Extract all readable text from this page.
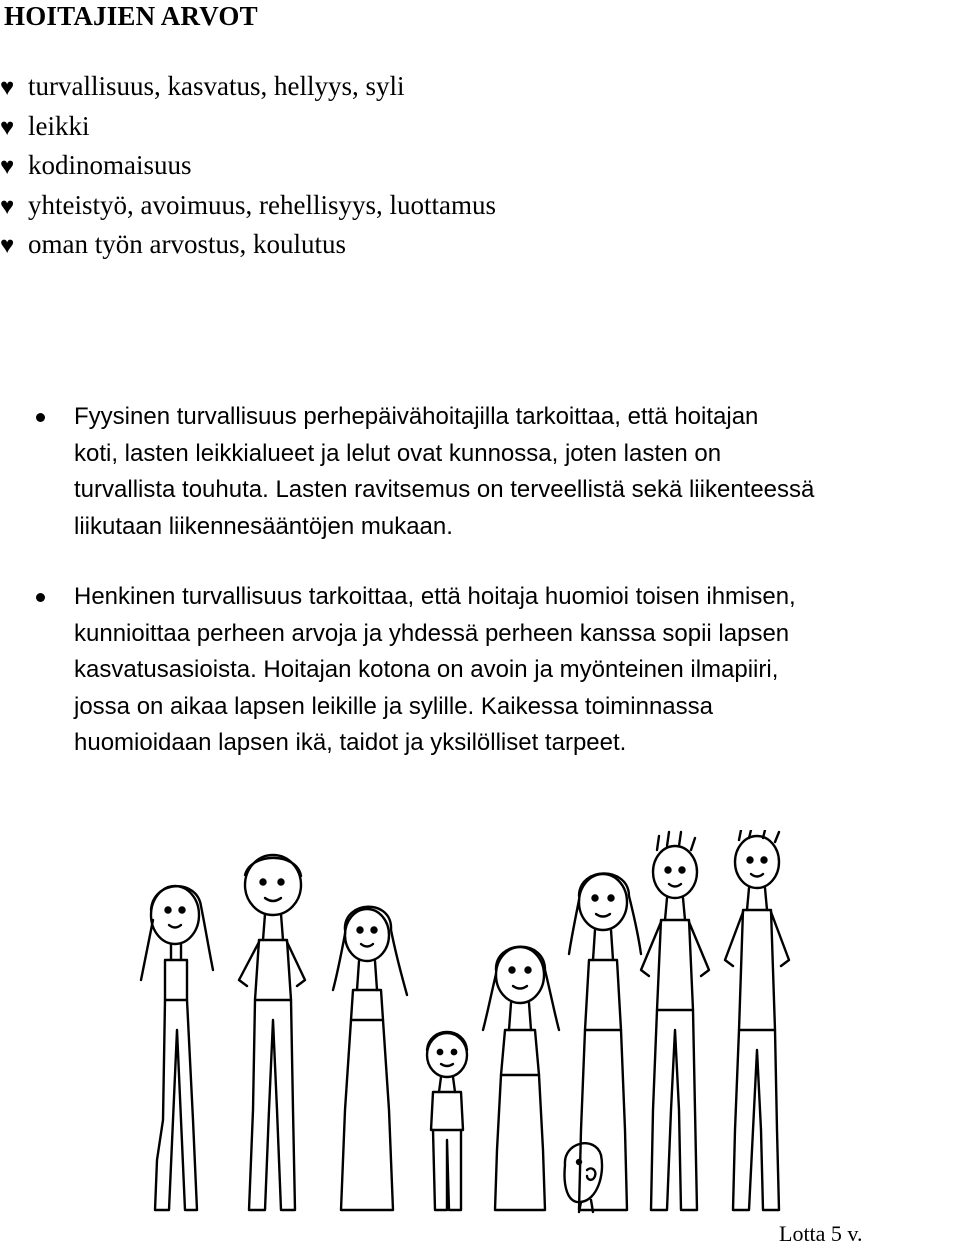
HOITAJIEN ARVOT
♥ turvallisuus, kasvatus, hellyys, syli
♥ leikki
♥ kodinomaisuus
♥ yhteistyö, avoimuus, rehellisyys, luottamus
♥ oman työn arvostus, koulutus
Fyysinen turvallisuus perhepäivähoitajilla tarkoittaa, että hoitajan
koti, lasten leikkialueet ja lelut ovat kunnossa, joten lasten on
turvallista touhuta. Lasten ravitsemus on terveellistä sekä liikenteessä
liikutaan liikennesääntöjen mukaan.
Henkinen turvallisuus tarkoittaa, että hoitaja huomioi toisen ihmisen,
kunnioittaa perheen arvoja ja yhdessä perheen kanssa sopii lapsen
kasvatusasioista. Hoitajan kotona on avoin ja myönteinen ilmapiiri,
jossa on aikaa lapsen leikille ja sylille. Kaikessa toiminnassa
huomioidaan lapsen ikä, taidot ja yksilölliset tarpeet.
Lotta 5 v.
